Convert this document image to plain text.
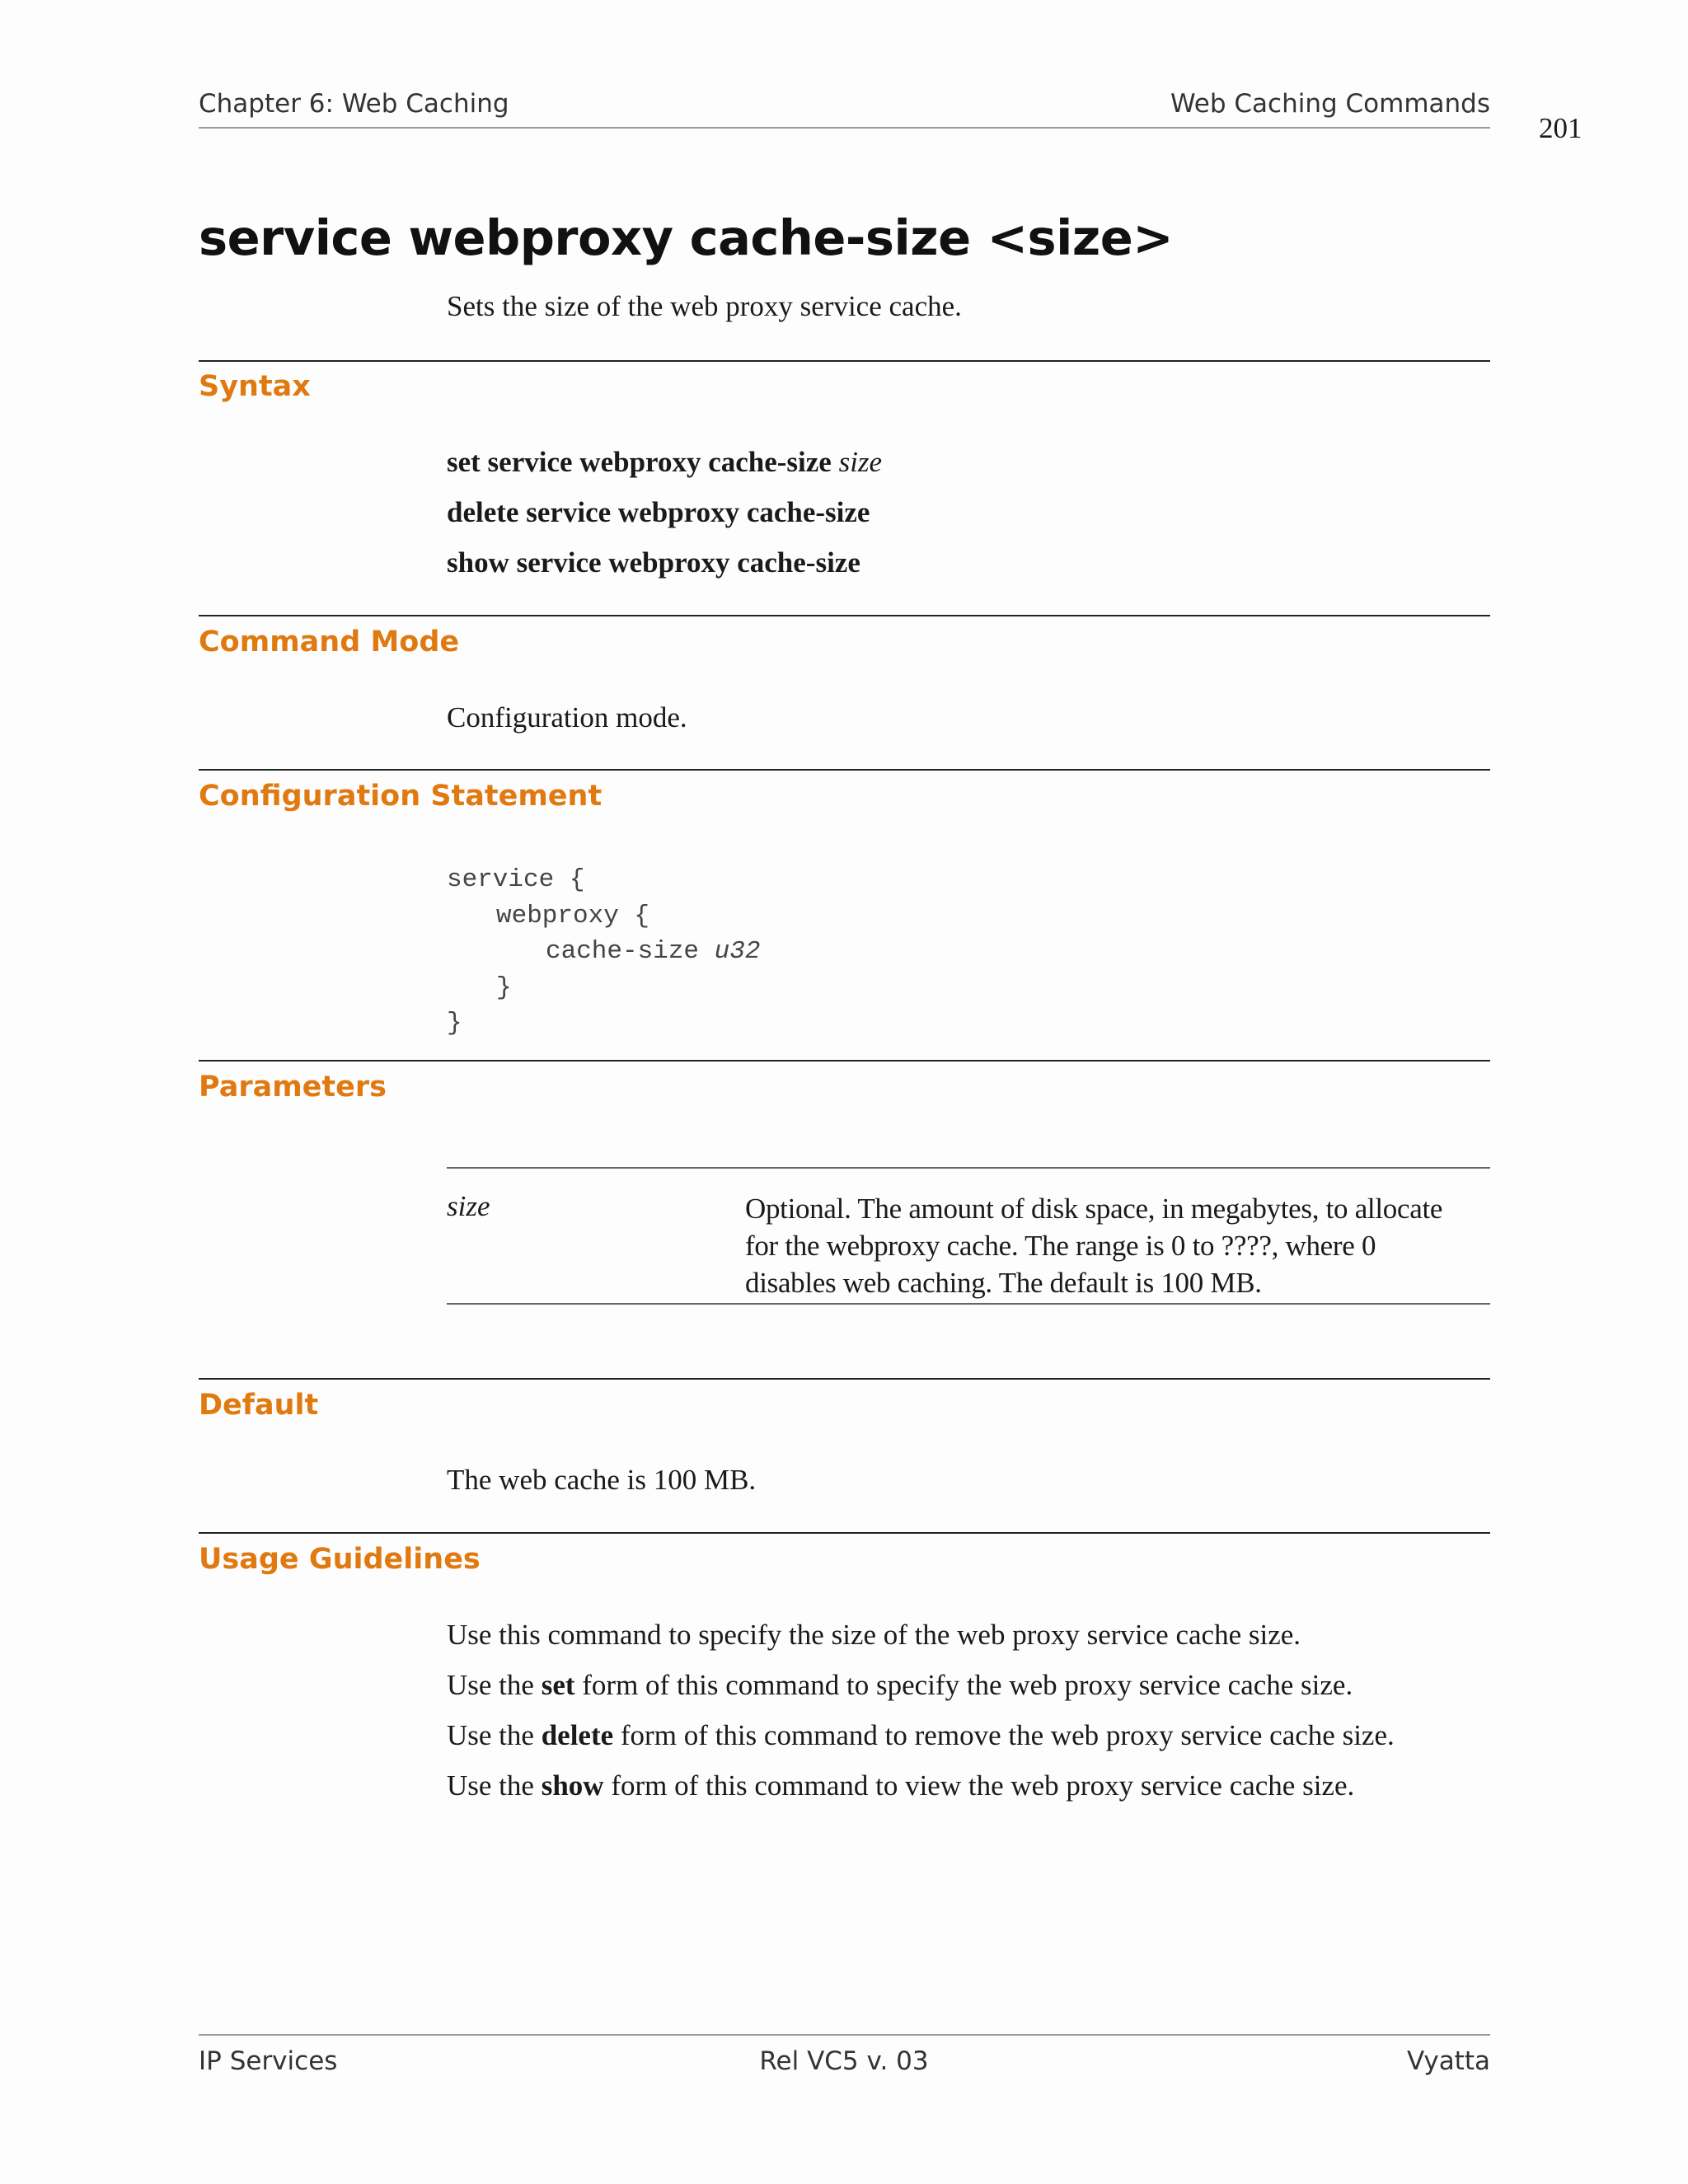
Chapter 6: Web Caching	Web Caching Commands
201
service webproxy cache-size <size>
Sets the size of the web proxy service cache.
Syntax
set service webproxy cache-size size
delete service webproxy cache-size
show service webproxy cache-size
Command Mode
Configuration mode.
Configuration Statement
service {
webproxy {
cache-size u32
}
}
Parameters
size	Optional. The amount of disk space, in megabytes, to allocate for the webproxy cache. The range is 0 to ????, where 0 disables web caching. The default is 100 MB.
Default
The web cache is 100 MB.
Usage Guidelines
Use this command to specify the size of the web proxy service cache size.
Use the set form of this command to specify the web proxy service cache size.
Use the delete form of this command to remove the web proxy service cache size.
Use the show form of this command to view the web proxy service cache size.
IP Services	Rel VC5 v. 03	Vyatta
